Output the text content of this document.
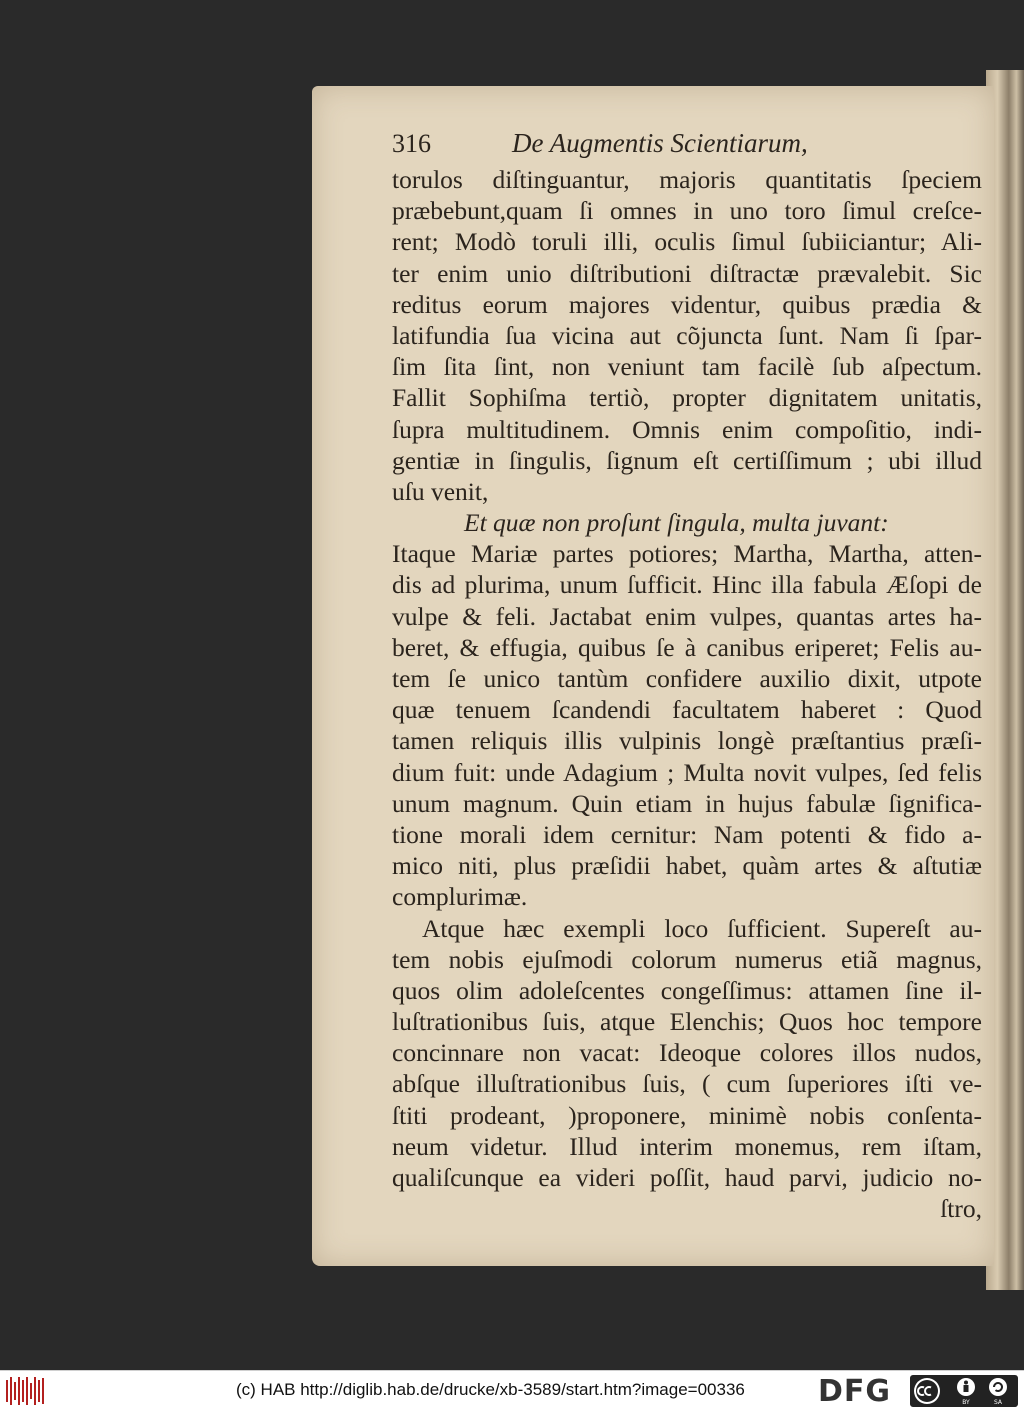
316	De Augmentis Scientiarum,
torulos diſtinguantur, majoris quantitatis ſpeciem
præbebunt,quam ſi omnes in uno toro ſimul creſce-
rent; Modò toruli illi, oculis ſimul ſubiiciantur; Ali-
ter enim unio diſtributioni diſtractæ prævalebit. Sic
reditus eorum majores videntur, quibus prædia &
latifundia ſua vicina aut cõjuncta ſunt. Nam ſi ſpar-
ſim ſita ſint, non veniunt tam facilè ſub aſpectum.
Fallit Sophiſma tertiò, propter dignitatem unitatis,
ſupra multitudinem. Omnis enim compoſitio, indi-
gentiæ in ſingulis, ſignum eſt certiſſimum ; ubi illud
uſu venit,
Et quæ non proſunt ſingula, multa juvant:
Itaque Mariæ partes potiores; Martha, Martha, atten-
dis ad plurima, unum ſufficit. Hinc illa fabula Æſopi de
vulpe & feli. Jactabat enim vulpes, quantas artes ha-
beret, & effugia, quibus ſe à canibus eriperet; Felis au-
tem ſe unico tantùm confidere auxilio dixit, utpote
quæ tenuem ſcandendi facultatem haberet : Quod
tamen reliquis illis vulpinis longè præſtantius præſi-
dium fuit: unde Adagium ; Multa novit vulpes, ſed felis
unum magnum. Quin etiam in hujus fabulæ ſignifica-
tione morali idem cernitur: Nam potenti & fido a-
mico niti, plus præſidii habet, quàm artes & aſtutiæ
complurimæ.
Atque hæc exempli loco ſufficient. Supereſt au-
tem nobis ejuſmodi colorum numerus etiã magnus,
quos olim adoleſcentes congeſſimus: attamen ſine il-
luſtrationibus ſuis, atque Elenchis; Quos hoc tempore
concinnare non vacat: Ideoque colores illos nudos,
abſque illuſtrationibus ſuis, ( cum ſuperiores iſti ve-
ſtiti prodeant, )proponere, minimè nobis conſenta-
neum videtur. Illud interim monemus, rem iſtam,
qualiſcunque ea videri poſſit, haud parvi, judicio no-
ſtro,
(c) HAB http://diglib.hab.de/drucke/xb-3589/start.htm?image=00336 DFG	BY	SA
